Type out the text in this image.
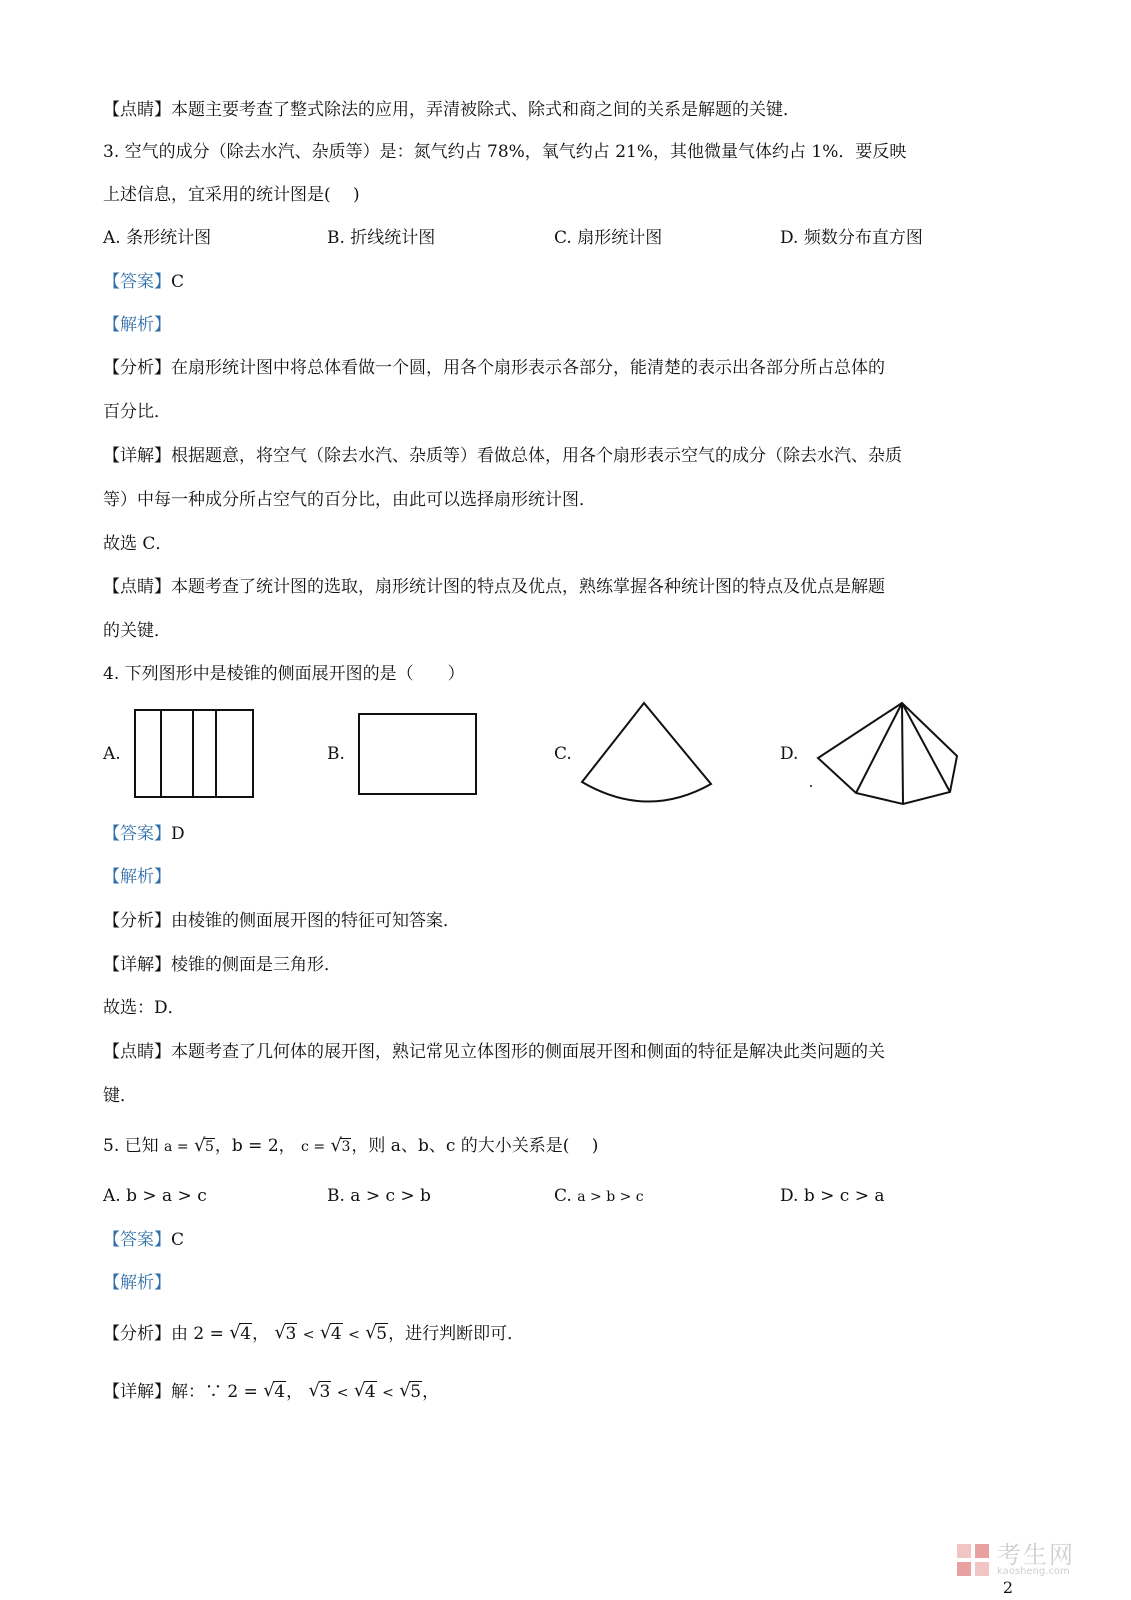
【点睛】本题主要考查了整式除法的应用，弄清被除式、除式和商之间的关系是解题的关键．
3. 空气的成分（除去水汽、杂质等）是：氮气约占 78%，氧气约占 21%，其他微量气体约占 1%．要反映
上述信息，宜采用的统计图是(　 )
A. 条形统计图	B. 折线统计图	C. 扇形统计图	D. 频数分布直方图
【答案】C
【解析】
【分析】在扇形统计图中将总体看做一个圆，用各个扇形表示各部分，能清楚的表示出各部分所占总体的
百分比．
【详解】根据题意，将空气（除去水汽、杂质等）看做总体，用各个扇形表示空气的成分（除去水汽、杂质
等）中每一种成分所占空气的百分比，由此可以选择扇形统计图．
故选 C．
【点睛】本题考查了统计图的选取，扇形统计图的特点及优点，熟练掌握各种统计图的特点及优点是解题
的关键．
4. 下列图形中是棱锥的侧面展开图的是（　　）
A.	B.	C.	D.
【答案】D
【解析】
【分析】由棱锥的侧面展开图的特征可知答案．
【详解】棱锥的侧面是三角形．
故选：D．
【点睛】本题考查了几何体的展开图，熟记常见立体图形的侧面展开图和侧面的特征是解决此类问题的关
键．
5. 已知 a = √ 5，b = 2， c = √ 3，则 a、b、c 的大小关系是(　 )
A. b > a > c	B. a > c > b	C. a > b > c	D. b > c > a
【答案】C
【解析】
【分析】由 2 = √ 4， √ 3 < √ 4 < √ 5，进行判断即可．
【详解】解：∵ 2 = √ 4， √ 3 < √ 4 < √ 5，
考生网
kaosheng.com
2
